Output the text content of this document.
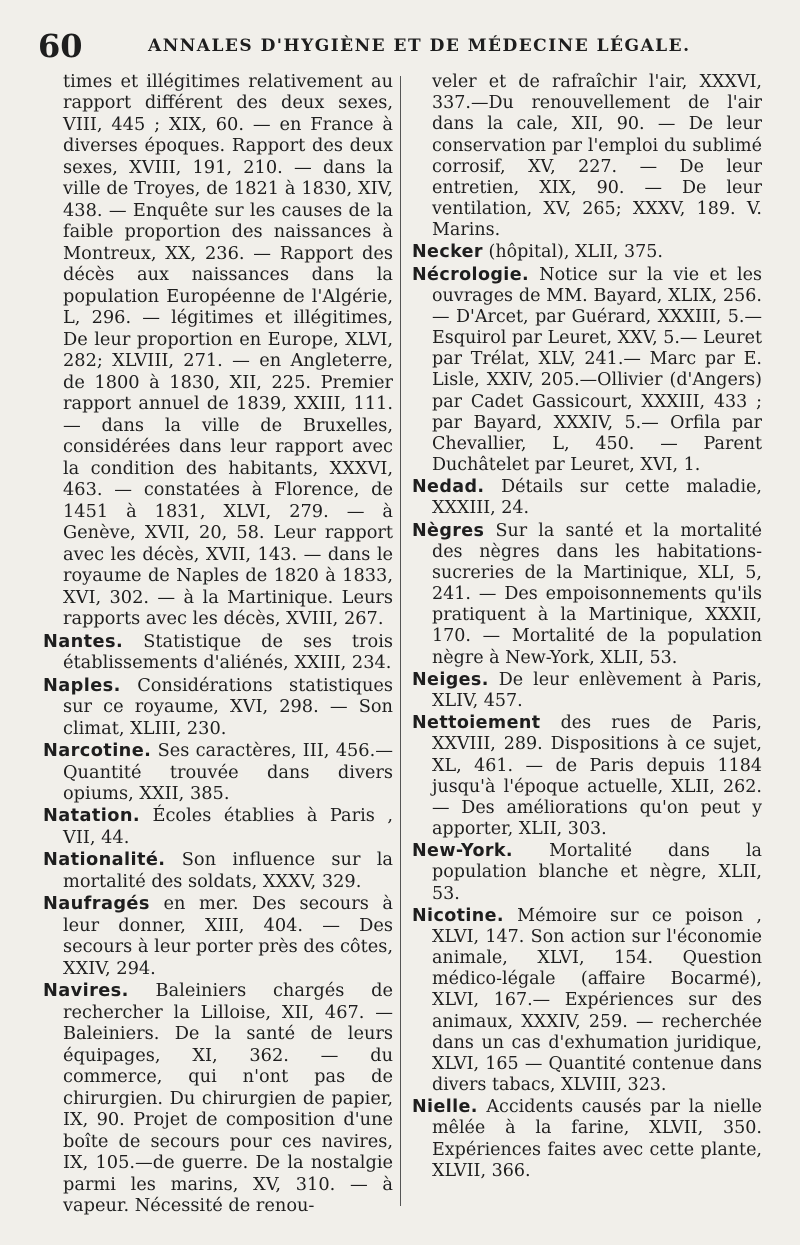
60	ANNALES D'HYGIÈNE ET DE MÉDECINE LÉGALE.

times et illégitimes relativement au rapport différent des deux sexes, VIII, 445 ; XIX, 60. — en France à diverses époques. Rapport des deux sexes, XVIII, 191, 210. — dans la ville de Troyes, de 1821 à 1830, XIV, 438. — Enquête sur les causes de la faible proportion des naissances à Montreux, XX, 236. — Rapport des décès aux naissances dans la population Européenne de l'Algérie, L, 296. — légitimes et illégitimes, De leur proportion en Europe, XLVI, 282; XLVIII, 271. — en Angleterre, de 1800 à 1830, XII, 225. Premier rapport annuel de 1839, XXIII, 111. — dans la ville de Bruxelles, considérées dans leur rapport avec la condition des habitants, XXXVI, 463. — constatées à Florence, de 1451 à 1831, XLVI, 279. — à Genève, XVII, 20, 58. Leur rapport avec les décès, XVII, 143. — dans le royaume de Naples de 1820 à 1833, XVI, 302. — à la Martinique. Leurs rapports avec les décès, XVIII, 267.

Nantes. Statistique de ses trois établissements d'aliénés, XXIII, 234.

Naples. Considérations statistiques sur ce royaume, XVI, 298. — Son climat, XLIII, 230.

Narcotine. Ses caractères, III, 456.— Quantité trouvée dans divers opiums, XXII, 385.

Natation. Écoles établies à Paris , VII, 44.

Nationalité. Son influence sur la mortalité des soldats, XXXV, 329.

Naufragés en mer. Des secours à leur donner, XIII, 404. — Des secours à leur porter près des côtes, XXIV, 294.

Navires. Baleiniers chargés de rechercher la Lilloise, XII, 467. — Baleiniers. De la santé de leurs équipages, XI, 362. — du commerce, qui n'ont pas de chirurgien. Du chirurgien de papier, IX, 90. Projet de composition d'une boîte de secours pour ces navires, IX, 105.—de guerre. De la nostalgie parmi les marins, XV, 310. — à vapeur. Nécessité de renou-

veler et de rafraîchir l'air, XXXVI, 337.—Du renouvellement de l'air dans la cale, XII, 90. — De leur conservation par l'emploi du sublimé corrosif, XV, 227. — De leur entretien, XIX, 90. — De leur ventilation, XV, 265; XXXV, 189. V. Marins.

Necker (hôpital), XLII, 375.

Nécrologie. Notice sur la vie et les ouvrages de MM. Bayard, XLIX, 256. — D'Arcet, par Guérard, XXXIII, 5.— Esquirol par Leuret, XXV, 5.— Leuret par Trélat, XLV, 241.— Marc par E. Lisle, XXIV, 205.—Ollivier (d'Angers) par Cadet Gassicourt, XXXIII, 433 ; par Bayard, XXXIV, 5.— Orfila par Chevallier, L, 450. — Parent Duchâtelet par Leuret, XVI, 1.

Nedad. Détails sur cette maladie, XXXIII, 24.

Nègres Sur la santé et la mortalité des nègres dans les habitations-sucreries de la Martinique, XLI, 5, 241. — Des empoisonnements qu'ils pratiquent à la Martinique, XXXII, 170. — Mortalité de la population nègre à New-York, XLII, 53.

Neiges. De leur enlèvement à Paris, XLIV, 457.

Nettoiement des rues de Paris, XXVIII, 289. Dispositions à ce sujet, XL, 461. — de Paris depuis 1184 jusqu'à l'époque actuelle, XLII, 262. — Des améliorations qu'on peut y apporter, XLII, 303.

New-York. Mortalité dans la population blanche et nègre, XLII, 53.

Nicotine. Mémoire sur ce poison , XLVI, 147. Son action sur l'économie animale, XLVI, 154. Question médico-légale (affaire Bocarmé), XLVI, 167.— Expériences sur des animaux, XXXIV, 259. — recherchée dans un cas d'exhumation juridique, XLVI, 165 — Quantité contenue dans divers tabacs, XLVIII, 323.

Nielle. Accidents causés par la nielle mêlée à la farine, XLVII, 350. Expériences faites avec cette plante, XLVII, 366.
